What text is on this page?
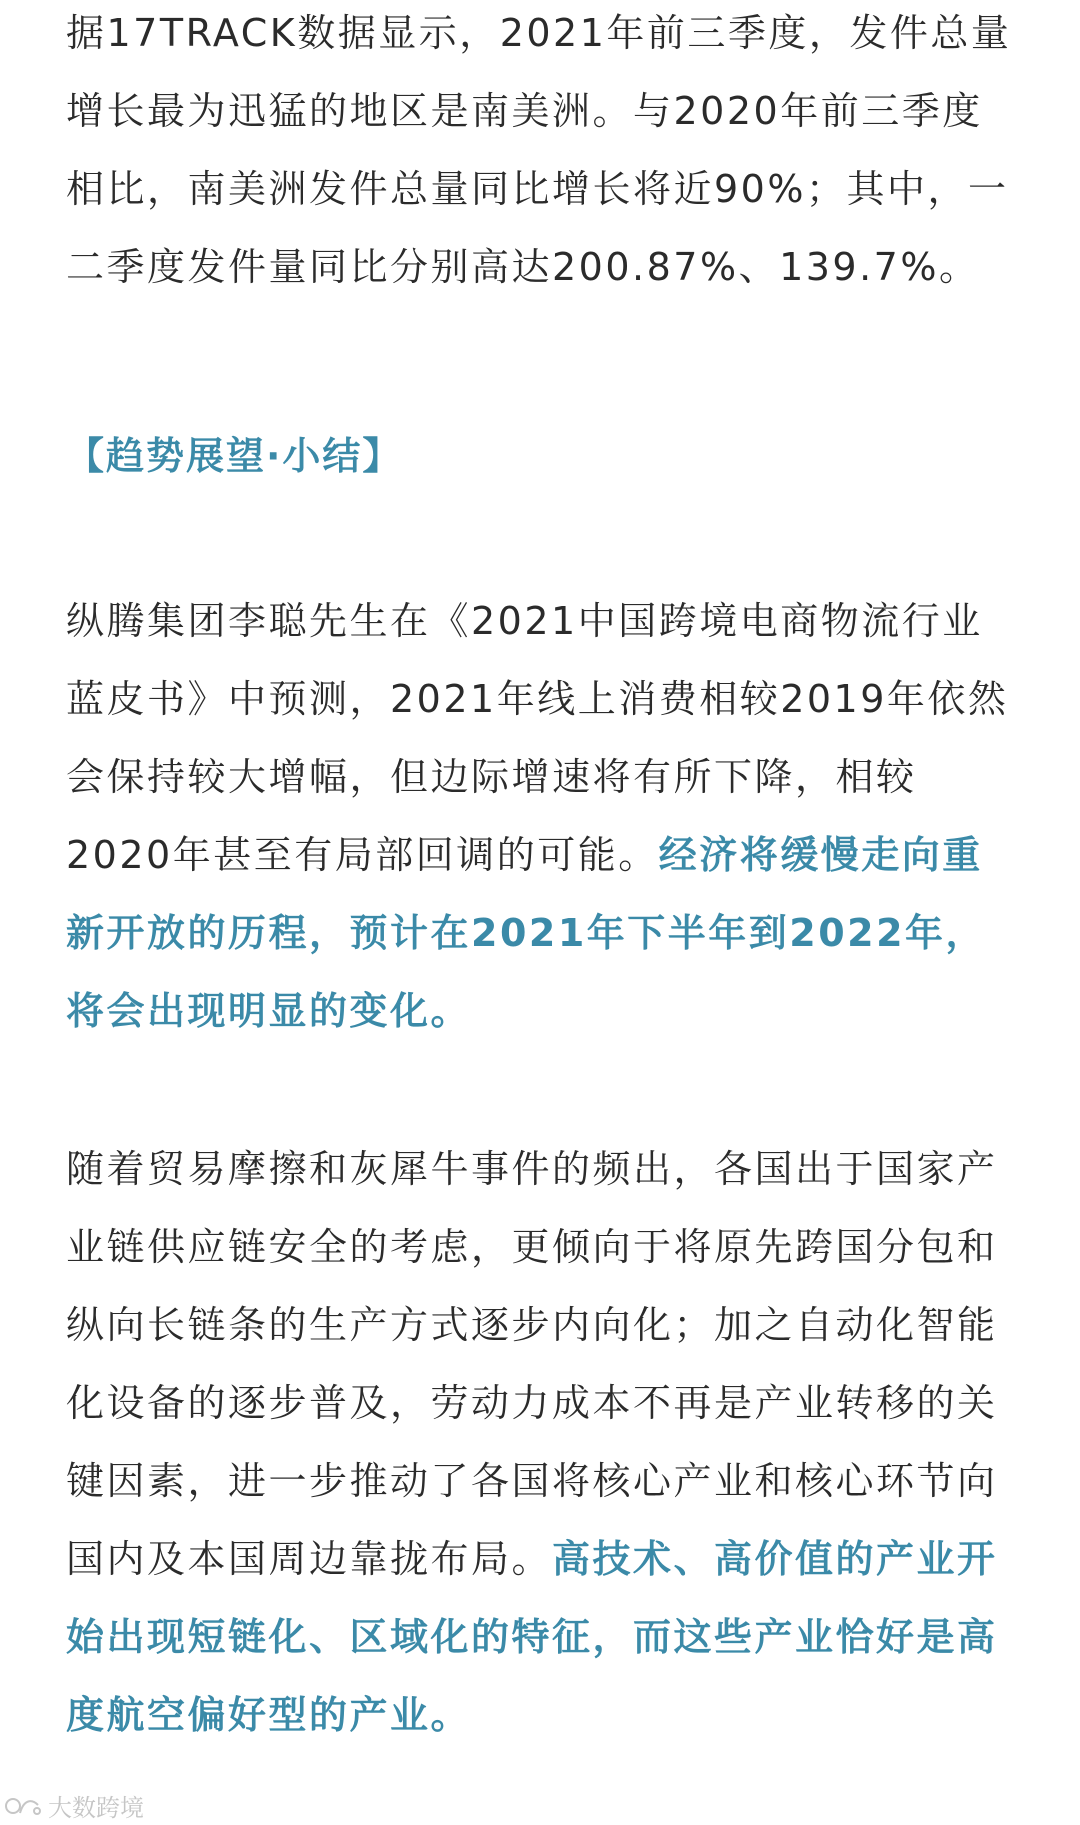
据17TRACK数据显示，2021年前三季度，发件总量增长最为迅猛的地区是南美洲。与2020年前三季度相比，南美洲发件总量同比增长将近90%；其中，一二季度发件量同比分别高达200.87%、139.7%。

【趋势展望·小结】

纵腾集团李聪先生在《2021中国跨境电商物流行业蓝皮书》中预测，2021年线上消费相较2019年依然会保持较大增幅，但边际增速将有所下降，相较2020年甚至有局部回调的可能。经济将缓慢走向重新开放的历程，预计在2021年下半年到2022年，将会出现明显的变化。

随着贸易摩擦和灰犀牛事件的频出，各国出于国家产业链供应链安全的考虑，更倾向于将原先跨国分包和纵向长链条的生产方式逐步内向化；加之自动化智能化设备的逐步普及，劳动力成本不再是产业转移的关键因素，进一步推动了各国将核心产业和核心环节向国内及本国周边靠拢布局。高技术、高价值的产业开始出现短链化、区域化的特征，而这些产业恰好是高度航空偏好型的产业。

大数跨境
